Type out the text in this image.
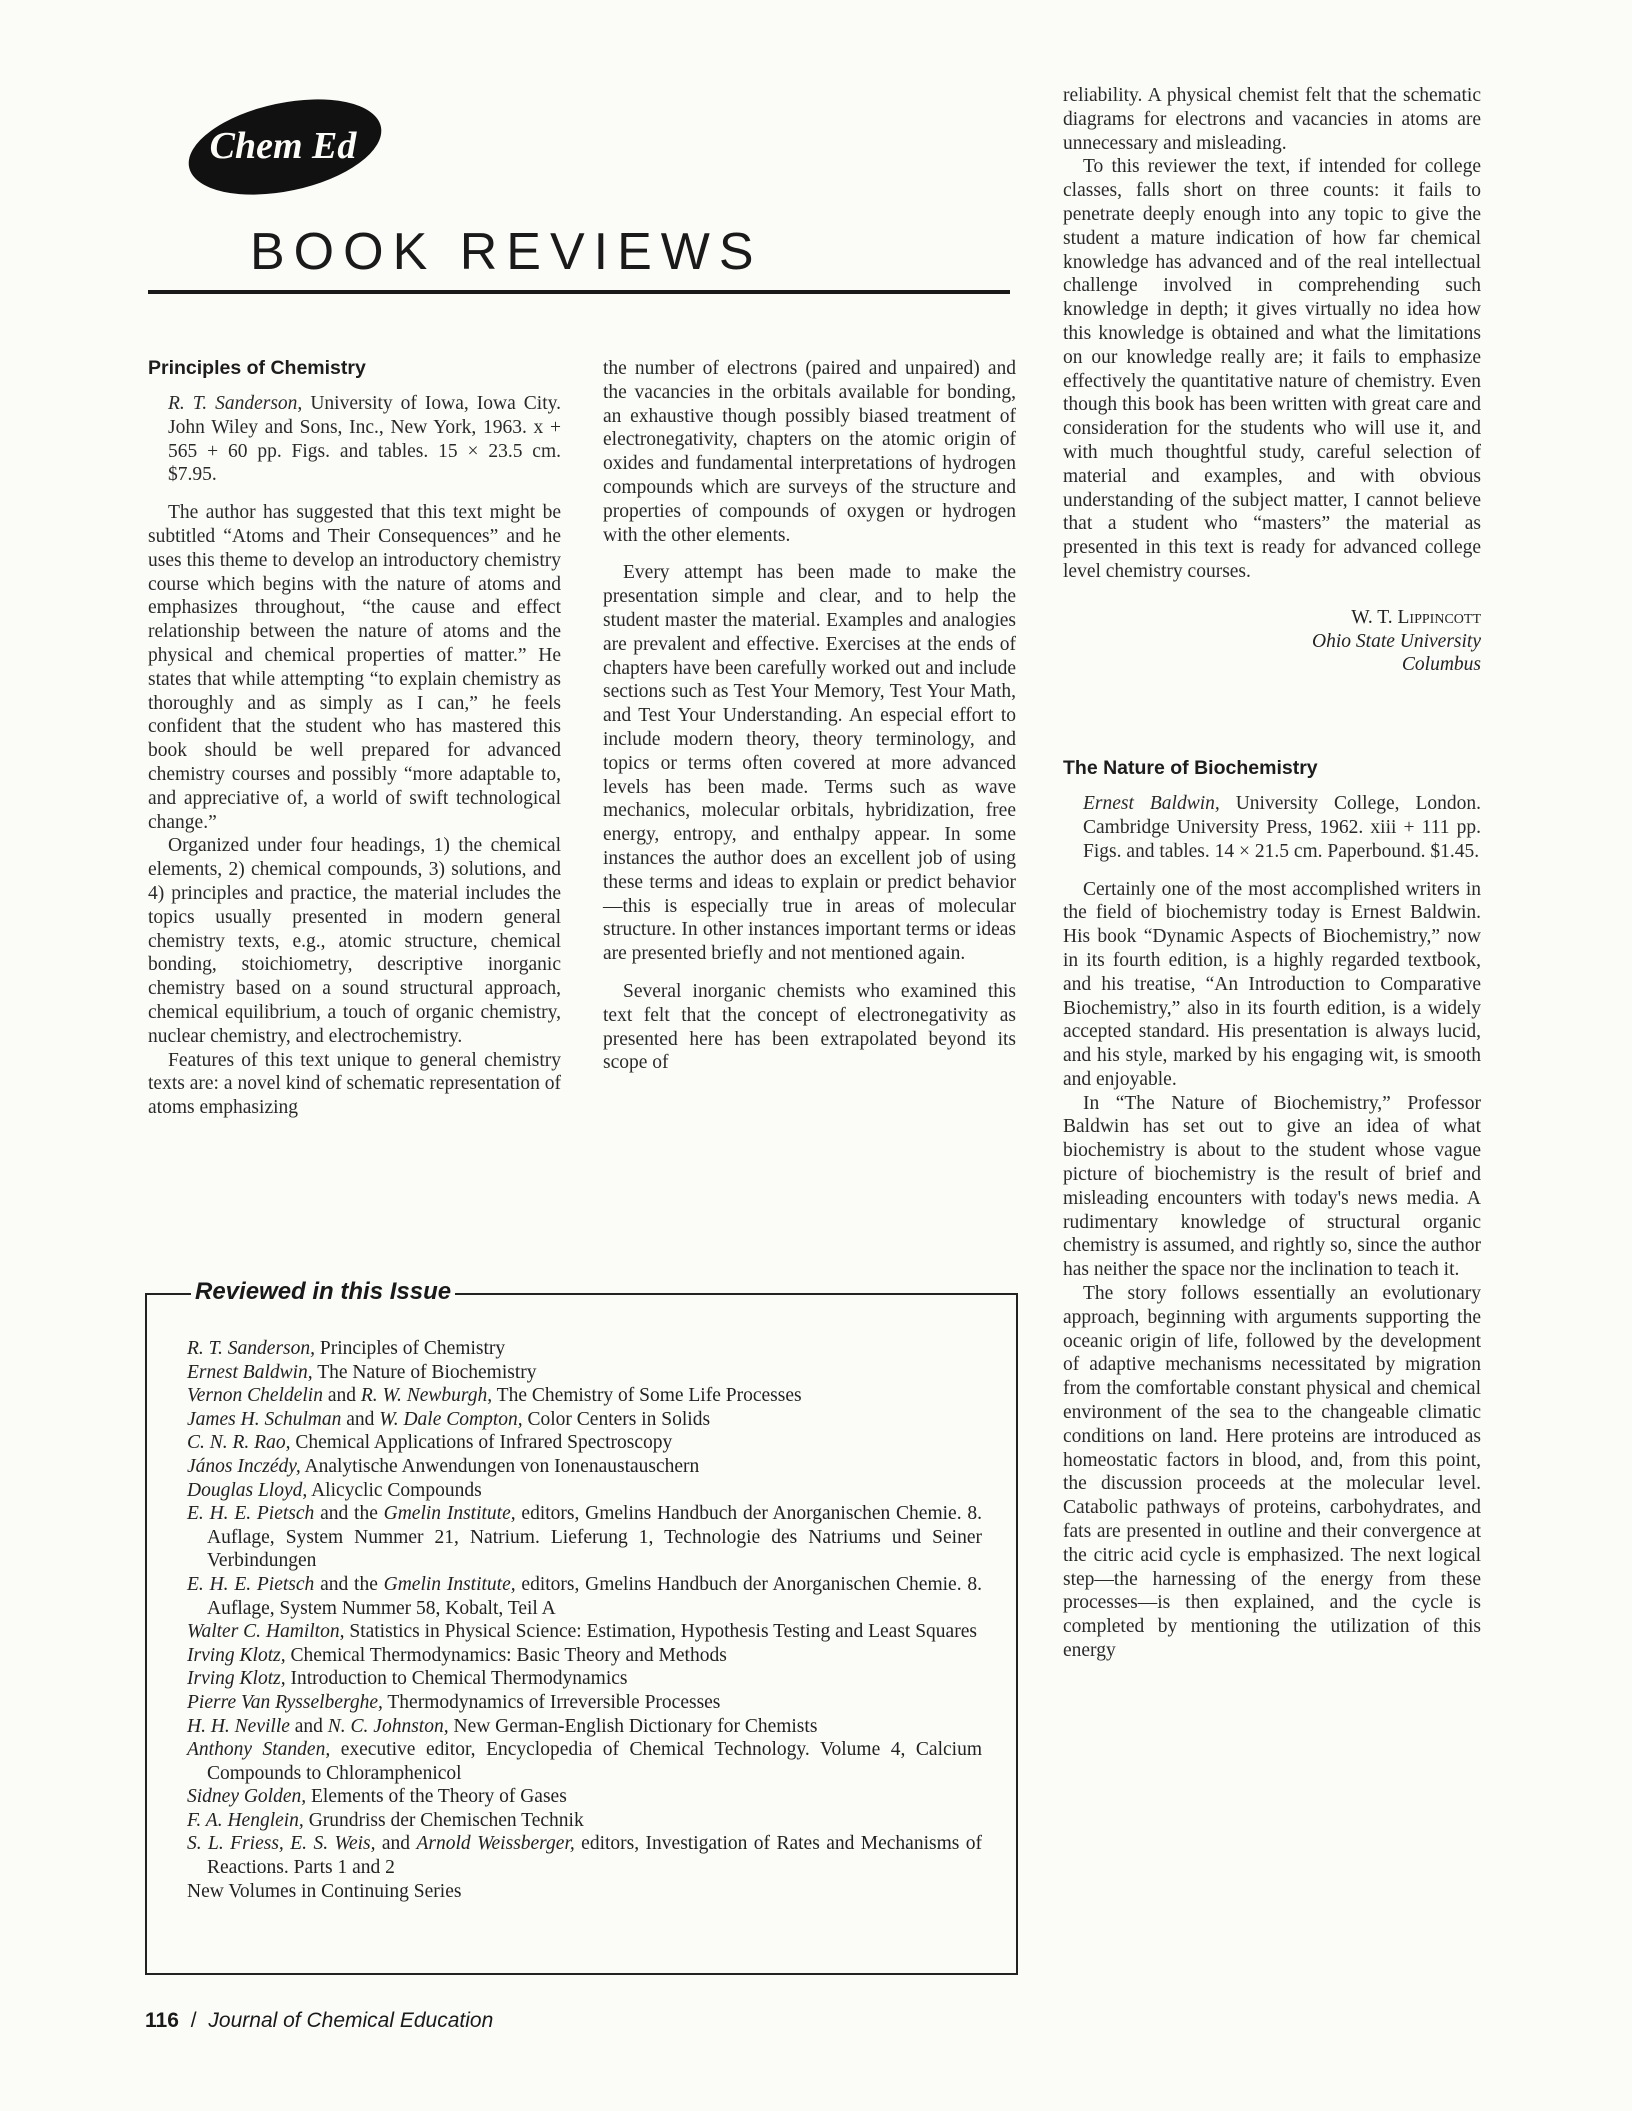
Chem Ed
BOOK REVIEWS
Principles of Chemistry
R. T. Sanderson, University of Iowa, Iowa City. John Wiley and Sons, Inc., New York, 1963. x + 565 + 60 pp. Figs. and tables. 15 × 23.5 cm. $7.95.

The author has suggested that this text might be subtitled “Atoms and Their Consequences” and he uses this theme to develop an introductory chemistry course which begins with the nature of atoms and emphasizes throughout, “the cause and effect relationship between the nature of atoms and the physical and chemical properties of matter.” He states that while attempting “to explain chemistry as thoroughly and as simply as I can,” he feels confident that the student who has mastered this book should be well prepared for advanced chemistry courses and possibly “more adaptable to, and appreciative of, a world of swift technological change.”

Organized under four headings, 1) the chemical elements, 2) chemical compounds, 3) solutions, and 4) principles and practice, the material includes the topics usually presented in modern general chemistry texts, e.g., atomic structure, chemical bonding, stoichiometry, descriptive inorganic chemistry based on a sound structural approach, chemical equilibrium, a touch of organic chemistry, nuclear chemistry, and electrochemistry.

Features of this text unique to general chemistry texts are: a novel kind of schematic representation of atoms emphasizing

the number of electrons (paired and unpaired) and the vacancies in the orbitals available for bonding, an exhaustive though possibly biased treatment of electronegativity, chapters on the atomic origin of oxides and fundamental interpretations of hydrogen compounds which are surveys of the structure and properties of compounds of oxygen or hydrogen with the other elements.

Every attempt has been made to make the presentation simple and clear, and to help the student master the material. Examples and analogies are prevalent and effective. Exercises at the ends of chapters have been carefully worked out and include sections such as Test Your Memory, Test Your Math, and Test Your Understanding. An especial effort to include modern theory, theory terminology, and topics or terms often covered at more advanced levels has been made. Terms such as wave mechanics, molecular orbitals, hybridization, free energy, entropy, and enthalpy appear. In some instances the author does an excellent job of using these terms and ideas to explain or predict behavior—this is especially true in areas of molecular structure. In other instances important terms or ideas are presented briefly and not mentioned again.

Several inorganic chemists who examined this text felt that the concept of electronegativity as presented here has been extrapolated beyond its scope of

reliability. A physical chemist felt that the schematic diagrams for electrons and vacancies in atoms are unnecessary and misleading.

To this reviewer the text, if intended for college classes, falls short on three counts: it fails to penetrate deeply enough into any topic to give the student a mature indication of how far chemical knowledge has advanced and of the real intellectual challenge involved in comprehending such knowledge in depth; it gives virtually no idea how this knowledge is obtained and what the limitations on our knowledge really are; it fails to emphasize effectively the quantitative nature of chemistry. Even though this book has been written with great care and consideration for the students who will use it, and with much thoughtful study, careful selection of material and examples, and with obvious understanding of the subject matter, I cannot believe that a student who “masters” the material as presented in this text is ready for advanced college level chemistry courses.

W. T. Lippincott
Ohio State University
Columbus
The Nature of Biochemistry
Ernest Baldwin, University College, London. Cambridge University Press, 1962. xiii + 111 pp. Figs. and tables. 14 × 21.5 cm. Paperbound. $1.45.

Certainly one of the most accomplished writers in the field of biochemistry today is Ernest Baldwin. His book “Dynamic Aspects of Biochemistry,” now in its fourth edition, is a highly regarded textbook, and his treatise, “An Introduction to Comparative Biochemistry,” also in its fourth edition, is a widely accepted standard. His presentation is always lucid, and his style, marked by his engaging wit, is smooth and enjoyable.

In “The Nature of Biochemistry,” Professor Baldwin has set out to give an idea of what biochemistry is about to the student whose vague picture of biochemistry is the result of brief and misleading encounters with today's news media. A rudimentary knowledge of structural organic chemistry is assumed, and rightly so, since the author has neither the space nor the inclination to teach it.

The story follows essentially an evolutionary approach, beginning with arguments supporting the oceanic origin of life, followed by the development of adaptive mechanisms necessitated by migration from the comfortable constant physical and chemical environment of the sea to the changeable climatic conditions on land. Here proteins are introduced as homeostatic factors in blood, and, from this point, the discussion proceeds at the molecular level. Catabolic pathways of proteins, carbohydrates, and fats are presented in outline and their convergence at the citric acid cycle is emphasized. The next logical step—the harnessing of the energy from these processes—is then explained, and the cycle is completed by mentioning the utilization of this energy

Reviewed in this Issue
R. T. Sanderson, Principles of Chemistry
Ernest Baldwin, The Nature of Biochemistry
Vernon Cheldelin and R. W. Newburgh, The Chemistry of Some Life Processes
James H. Schulman and W. Dale Compton, Color Centers in Solids
C. N. R. Rao, Chemical Applications of Infrared Spectroscopy
János Inczédy, Analytische Anwendungen von Ionenaustauschern
Douglas Lloyd, Alicyclic Compounds
E. H. E. Pietsch and the Gmelin Institute, editors, Gmelins Handbuch der Anorganischen Chemie. 8. Auflage, System Nummer 21, Natrium. Lieferung 1, Technologie des Natriums und Seiner Verbindungen
E. H. E. Pietsch and the Gmelin Institute, editors, Gmelins Handbuch der Anorganischen Chemie. 8. Auflage, System Nummer 58, Kobalt, Teil A
Walter C. Hamilton, Statistics in Physical Science: Estimation, Hypothesis Testing and Least Squares
Irving Klotz, Chemical Thermodynamics: Basic Theory and Methods
Irving Klotz, Introduction to Chemical Thermodynamics
Pierre Van Rysselberghe, Thermodynamics of Irreversible Processes
H. H. Neville and N. C. Johnston, New German-English Dictionary for Chemists
Anthony Standen, executive editor, Encyclopedia of Chemical Technology. Volume 4, Calcium Compounds to Chloramphenicol
Sidney Golden, Elements of the Theory of Gases
F. A. Henglein, Grundriss der Chemischen Technik
S. L. Friess, E. S. Weis, and Arnold Weissberger, editors, Investigation of Rates and Mechanisms of Reactions. Parts 1 and 2
New Volumes in Continuing Series
116 / Journal of Chemical Education
